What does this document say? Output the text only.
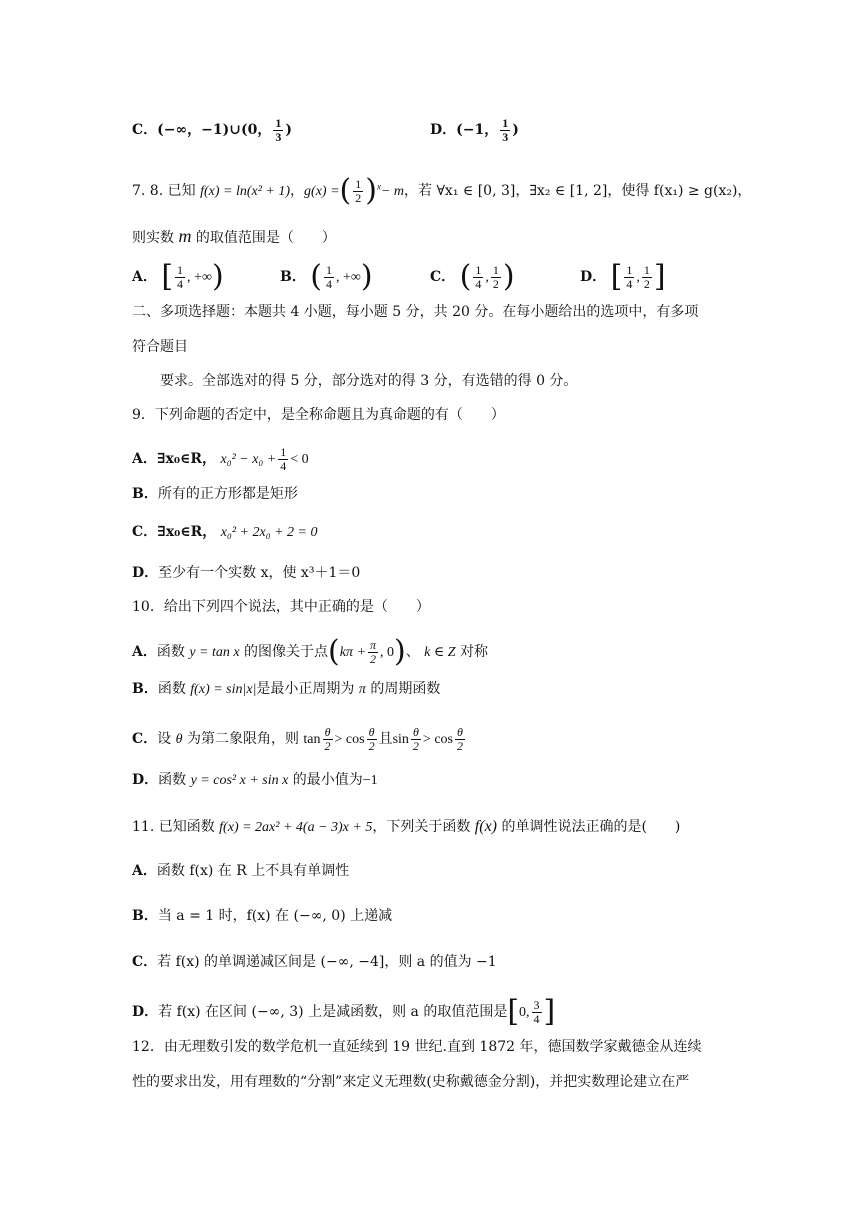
C．(−∞，−1)∪(0， $\frac{1}{3}$ )	D．(−1， $\frac{1}{3}$ )
7. 8. 已知 f(x) = ln(x² + 1)，g(x) =( $\frac{1}{2} )^x- m$，若 ∀x₁ ∈ [0, 3]，∃x₂ ∈ [1, 2]，使得 f(x₁) ≥ g(x₂)，
则实数 m 的取值范围是（　　）
A． [ $\frac{1}{4}$ , +∞)	B． ( $\frac{1}{4}$ , +∞)	C． ( $\frac{1}{4}$ , $\frac{1}{2}$ )	D． [ $\frac{1}{4}$ , $\frac{1}{2}$ ]
二、多项选择题：本题共 4 小题，每小题 5 分，共 20 分。在每小题给出的选项中，有多项
符合题目
要求。全部选对的得 5 分，部分选对的得 3 分，有选错的得 0 分。
9．下列命题的否定中，是全称命题且为真命题的有（　　）
A．∃x₀∈R， $x_0^2 - x_0 + \frac{1}{4} < 0$
B．所有的正方形都是矩形
C．∃x₀∈R， x₀² + 2x₀ + 2 = 0
D．至少有一个实数 x，使 x³＋1＝0
10．给出下列四个说法，其中正确的是（　　）
A．函数 y = tan x 的图像关于点($k\pi + \frac{\pi}{2}$ , 0)、 k ∈ Z 对称
B．函数 f(x) = sin|x|是最小正周期为 π 的周期函数
C．设 θ 为第二象限角，则 $\tan \frac{\theta}{2} > \cos \frac{\theta}{2}$ 且$\sin \frac{\theta}{2} > \cos \frac{\theta}{2}$
D．函数 y = cos² x + sin x 的最小值为−1
11. 已知函数 f(x) = 2ax² + 4(a − 3)x + 5，下列关于函数 f(x) 的单调性说法正确的是(　　)
A．函数 f(x) 在 R 上不具有单调性
B．当 a = 1 时，f(x) 在 (−∞, 0) 上递减
C．若 f(x) 的单调递减区间是 (−∞, −4]，则 a 的值为 −1
D．若 f(x) 在区间 (−∞, 3) 上是减函数，则 a 的取值范围是[0, $\frac{3}{4}$ ]
12．由无理数引发的数学危机一直延续到 19 世纪.直到 1872 年，德国数学家戴德金从连续
性的要求出发，用有理数的“分割”来定义无理数(史称戴德金分割)，并把实数理论建立在严
